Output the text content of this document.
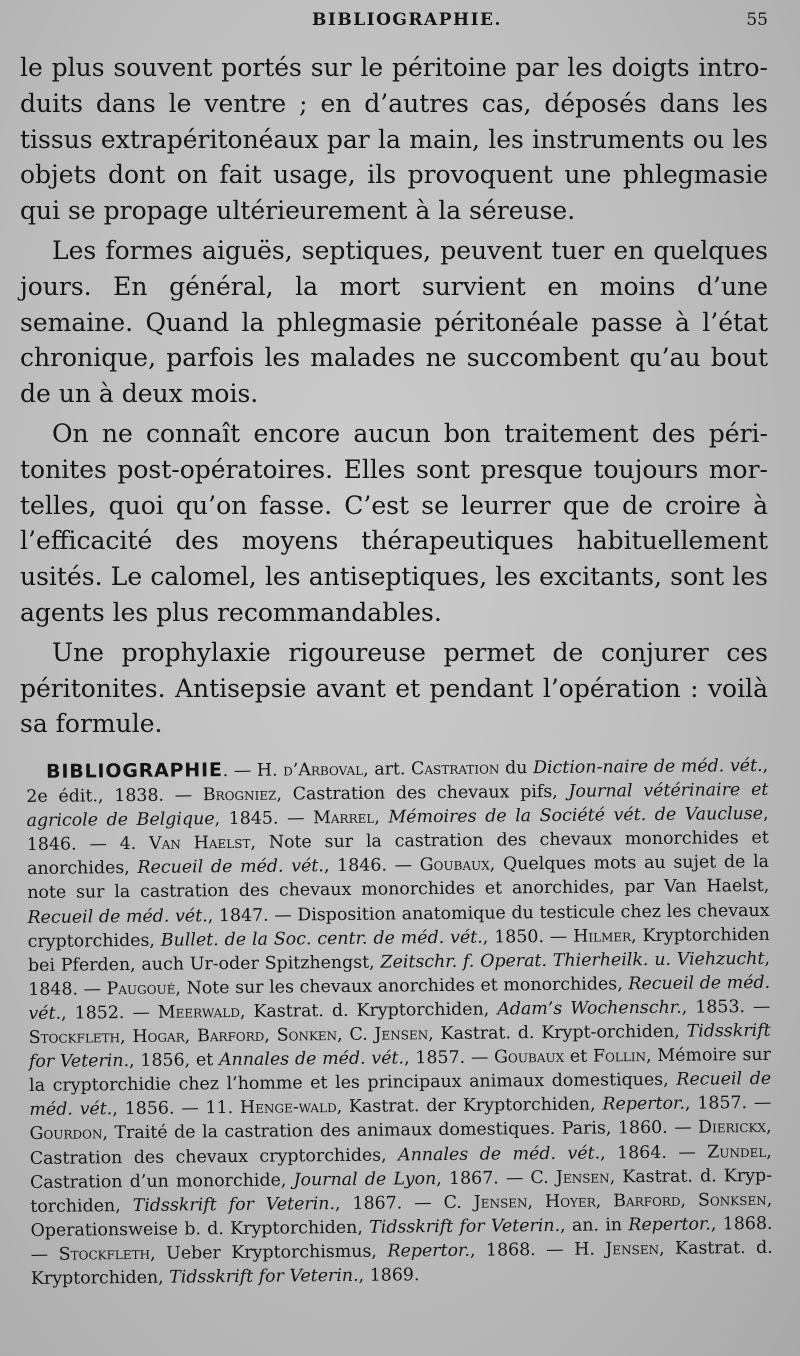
BIBLIOGRAPHIE.	55

le plus souvent portés sur le péritoine par les doigts intro-duits dans le ventre ; en d’autres cas, déposés dans les tissus extrapéritonéaux par la main, les instruments ou les objets dont on fait usage, ils provoquent une phlegmasie qui se propage ultérieurement à la séreuse.

Les formes aiguës, septiques, peuvent tuer en quelques jours. En général, la mort survient en moins d’une semaine. Quand la phlegmasie péritonéale passe à l’état chronique, parfois les malades ne succombent qu’au bout de un à deux mois.

On ne connaît encore aucun bon traitement des péri-tonites post-opératoires. Elles sont presque toujours mor-telles, quoi qu’on fasse. C’est se leurrer que de croire à l’efficacité des moyens thérapeutiques habituellement usités. Le calomel, les antiseptiques, les excitants, sont les agents les plus recommandables.

Une prophylaxie rigoureuse permet de conjurer ces péritonites. Antisepsie avant et pendant l’opération : voilà sa formule.

BIBLIOGRAPHIE. — H. d’Arboval, art. Castration du Diction-naire de méd. vét., 2e édit., 1838. — Brogniez, Castration des chevaux pifs, Journal vétérinaire et agricole de Belgique, 1845. — Marrel, Mémoires de la Société vét. de Vaucluse, 1846. — 4. Van Haelst, Note sur la castration des chevaux monorchides et anorchides, Recueil de méd. vét., 1846. — Goubaux, Quelques mots au sujet de la note sur la castration des chevaux monorchides et anorchides, par Van Haelst, Recueil de méd. vét., 1847. — Disposition anatomique du testicule chez les chevaux cryptorchides, Bullet. de la Soc. centr. de méd. vét., 1850. — Hilmer, Kryptorchiden bei Pferden, auch Ur-oder Spitzhengst, Zeitschr. f. Operat. Thierheilk. u. Viehzucht, 1848. — Paugoué, Note sur les chevaux anorchides et monorchides, Recueil de méd. vét., 1852. — Meerwald, Kastrat. d. Kryptorchiden, Adam’s Wochenschr., 1853. — Stockfleth, Hogar, Barford, Sonken, C. Jensen, Kastrat. d. Krypt-orchiden, Tidsskrift for Veterin., 1856, et Annales de méd. vét., 1857. — Goubaux et Follin, Mémoire sur la cryptorchidie chez l’homme et les principaux animaux domestiques, Recueil de méd. vét., 1856. — 11. Henge-wald, Kastrat. der Kryptorchiden, Repertor., 1857. — Gourdon, Traité de la castration des animaux domestiques. Paris, 1860. — Dierickx, Castration des chevaux cryptorchides, Annales de méd. vét., 1864. — Zundel, Castration d’un monorchide, Journal de Lyon, 1867. — C. Jensen, Kastrat. d. Kryp-torchiden, Tidsskrift for Veterin., 1867. — C. Jensen, Hoyer, Barford, Sonksen, Operationsweise b. d. Kryptorchiden, Tidsskrift for Veterin., an. in Repertor., 1868. — Stockfleth, Ueber Kryptorchismus, Repertor., 1868. — H. Jensen, Kastrat. d. Kryptorchiden, Tidsskrift for Veterin., 1869.
